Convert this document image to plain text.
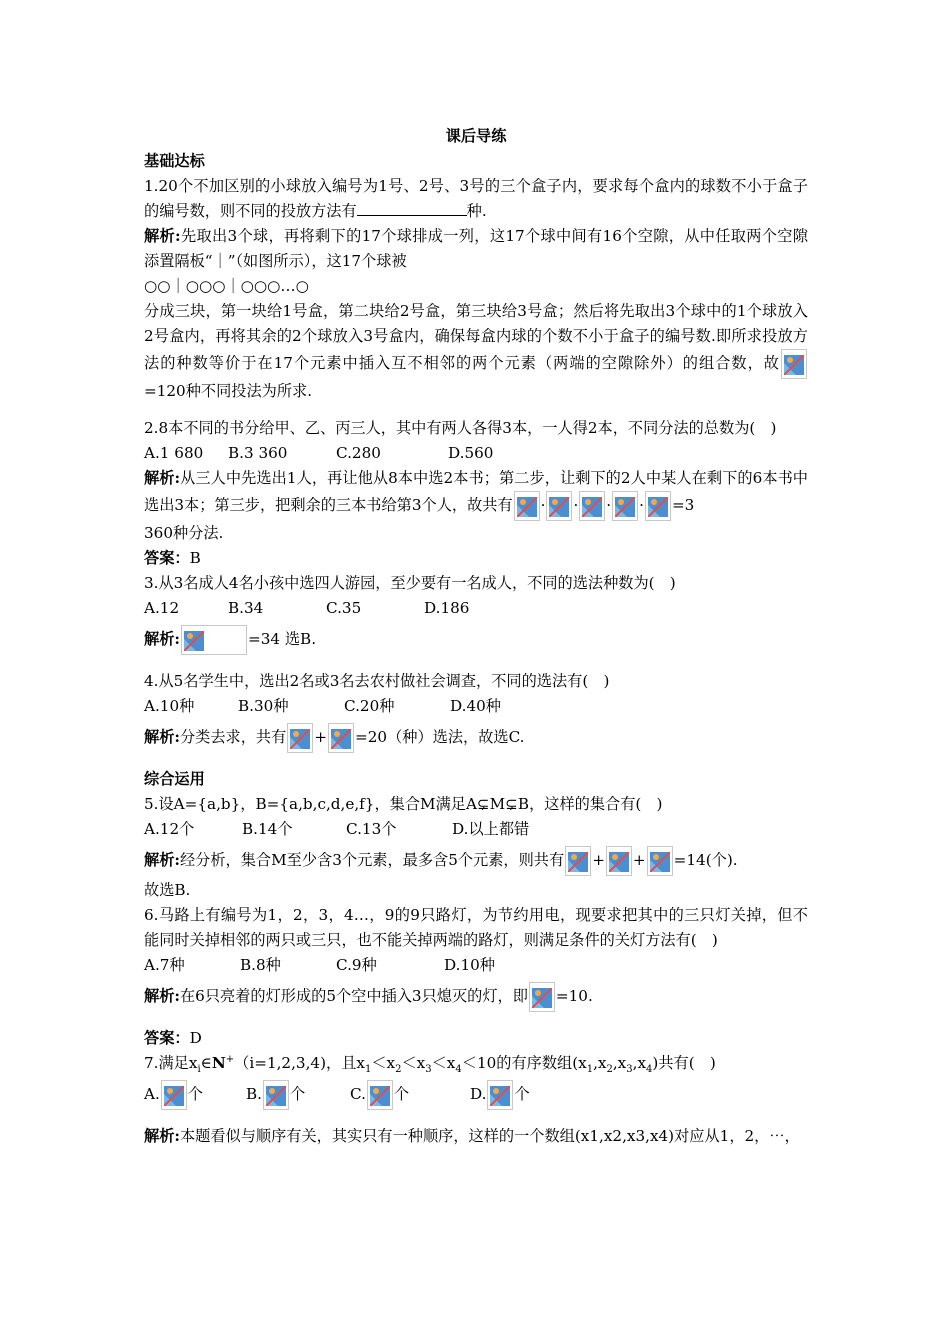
课后导练
基础达标

1.20个不加区别的小球放入编号为1号、2号、3号的三个盒子内，要求每个盒内的球数不小于盒子的编号数，则不同的投放方法有	种.

解析:先取出3个球，再将剩下的17个球排成一列，这17个球中间有16个空隙，从中任取两个空隙添置隔板“｜”（如图所示），这17个球被

○○｜○○○｜○○○…○

分成三块，第一块给1号盒，第二块给2号盒，第三块给3号盒；然后将先取出3个球中的1个球放入2号盒内，再将其余的2个球放入3号盒内，确保每盒内球的个数不小于盒子的编号数.即所求投放方法的种数等价于在17个元素中插入互不相邻的两个元素（两端的空隙除外）的组合数，故
=120种不同投法为所求.

2.8本不同的书分给甲、乙、丙三人，其中有两人各得3本，一人得2本，不同分法的总数为(　)

A.1 680	B.3 360	C.280	D.560

解析:从三人中先选出1人，再让他从8本中选2本书；第二步，让剩下的2人中某人在剩下的6本书中选出3本；第三步，把剩余的三本书给第3个人，故共有 · · · · =3

360种分法.

答案：B

3.从3名成人4名小孩中选四人游园，至少要有一名成人，不同的选法种数为(　)

A.12	B.34	C.35	D.186

解析:	=34 选B.

4.从5名学生中，选出2名或3名去农村做社会调查，不同的选法有(　)

A.10种	B.30种	C.20种	D.40种

解析:分类去求，共有 + =20（种）选法，故选C.

综合运用

5.设A={a,b}，B={a,b,c,d,e,f}，集合M满足A⊊M⊊B，这样的集合有(　)

A.12个	B.14个	C.13个	D.以上都错

解析:经分析，集合M至少含3个元素，最多含5个元素，则共有 + + =14(个).

故选B.

6.马路上有编号为1，2，3，4…，9的9只路灯，为节约用电，现要求把其中的三只灯关掉，但不能同时关掉相邻的两只或三只，也不能关掉两端的路灯，则满足条件的关灯方法有(　)

A.7种	B.8种	C.9种	D.10种

解析:在6只亮着的灯形成的5个空中插入3只熄灭的灯，即 =10.

答案：D

7.满足$x_i\in N^+(i=1,2,3,4)$，且$x_1<x_2<x_3<x_4<10$的有序数组$(x_1,x_2,x_3,x_4)$共有(　)

A. 个	B. 个	C. 个	D. 个

解析:本题看似与顺序有关，其实只有一种顺序，这样的一个数组(x1,x2,x3,x4)对应从1，2，⋯，
